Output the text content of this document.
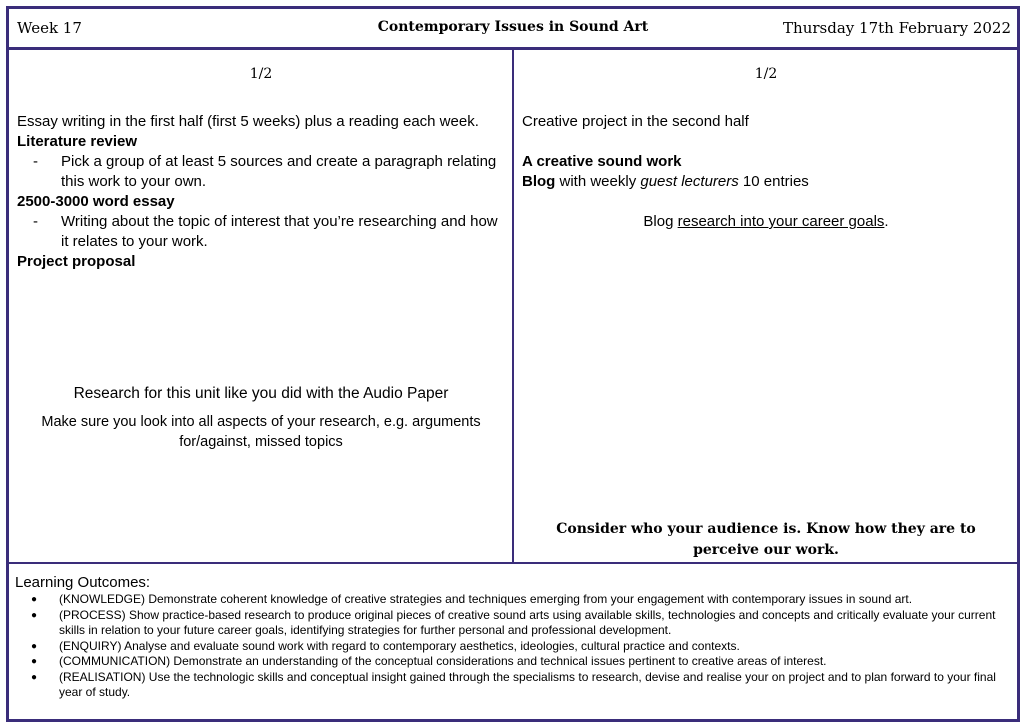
Week 17	Contemporary Issues in Sound Art	Thursday 17th February 2022
1/2
Essay writing in the first half (first 5 weeks) plus a reading each week.
Literature review
- Pick a group of at least 5 sources and create a paragraph relating this work to your own.
2500-3000 word essay
- Writing about the topic of interest that you’re researching and how it relates to your work.
Project proposal
Research for this unit like you did with the Audio Paper
Make sure you look into all aspects of your research, e.g. arguments for/against, missed topics
1/2
Creative project in the second half
A creative sound work
Blog with weekly guest lecturers 10 entries
Blog research into your career goals.
Consider who your audience is. Know how they are to perceive our work.
Learning Outcomes:
● (KNOWLEDGE) Demonstrate coherent knowledge of creative strategies and techniques emerging from your engagement with contemporary issues in sound art.
● (PROCESS) Show practice-based research to produce original pieces of creative sound arts using available skills, technologies and concepts and critically evaluate your current skills in relation to your future career goals, identifying strategies for further personal and professional development.
● (ENQUIRY) Analyse and evaluate sound work with regard to contemporary aesthetics, ideologies, cultural practice and contexts.
● (COMMUNICATION) Demonstrate an understanding of the conceptual considerations and technical issues pertinent to creative areas of interest.
● (REALISATION) Use the technologic skills and conceptual insight gained through the specialisms to research, devise and realise your on project and to plan forward to your final year of study.
